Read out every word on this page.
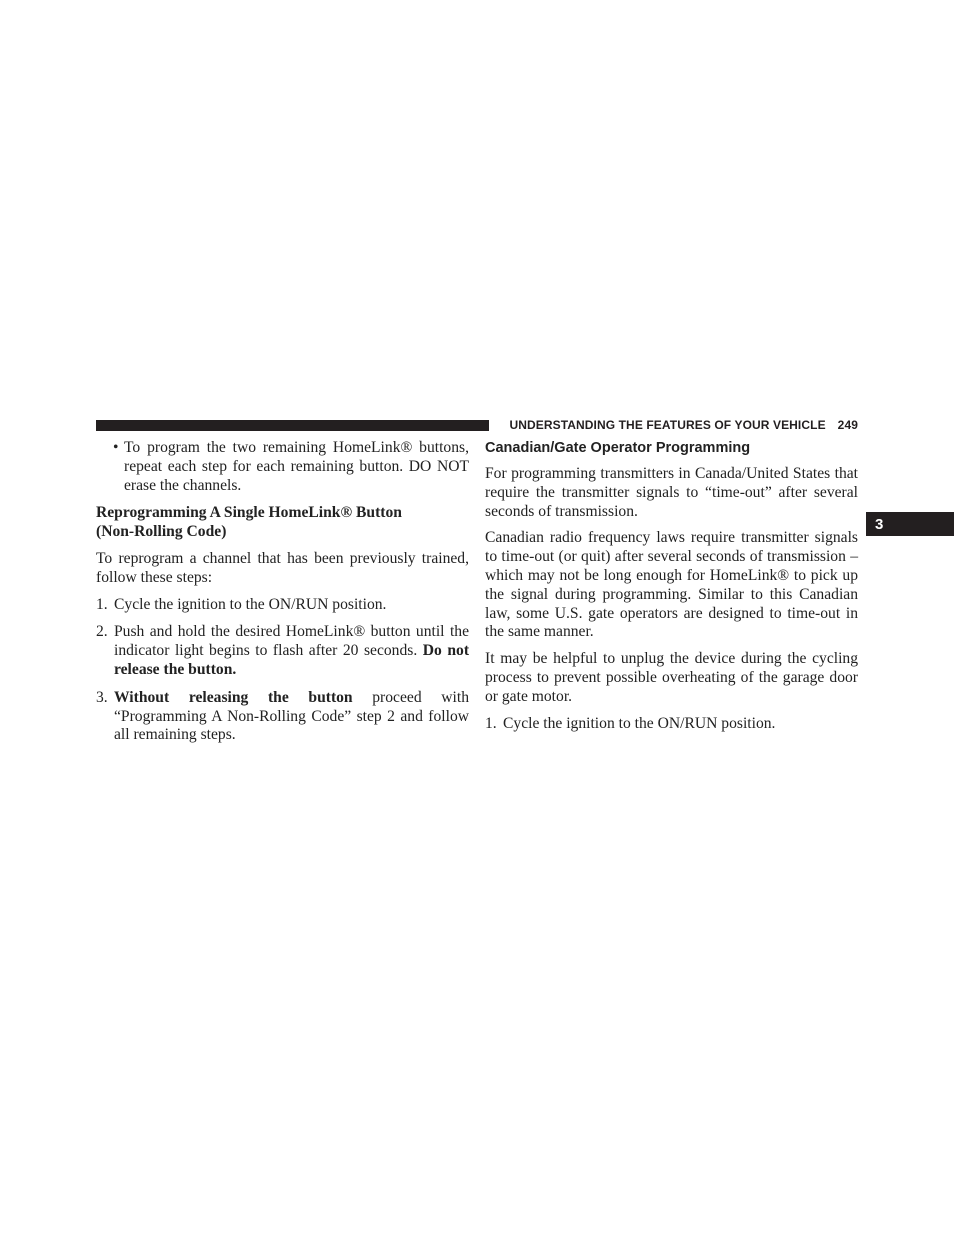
UNDERSTANDING THE FEATURES OF YOUR VEHICLE 249
3
• To program the two remaining HomeLink® buttons, repeat each step for each remaining button. DO NOT erase the channels.
Reprogramming A Single HomeLink® Button
(Non-Rolling Code)

To reprogram a channel that has been previously trained, follow these steps:

1. Cycle the ignition to the ON/RUN position.
2. Push and hold the desired HomeLink® button until the indicator light begins to flash after 20 seconds. Do not release the button.
3. Without releasing the button proceed with “Programming A Non-Rolling Code” step 2 and follow all remaining steps.
Canadian/Gate Operator Programming

For programming transmitters in Canada/United States that require the transmitter signals to “time-out” after several seconds of transmission.

Canadian radio frequency laws require transmitter signals to time-out (or quit) after several seconds of transmission – which may not be long enough for HomeLink® to pick up the signal during programming. Similar to this Canadian law, some U.S. gate operators are designed to time-out in the same manner.

It may be helpful to unplug the device during the cycling process to prevent possible overheating of the garage door or gate motor.

1. Cycle the ignition to the ON/RUN position.
